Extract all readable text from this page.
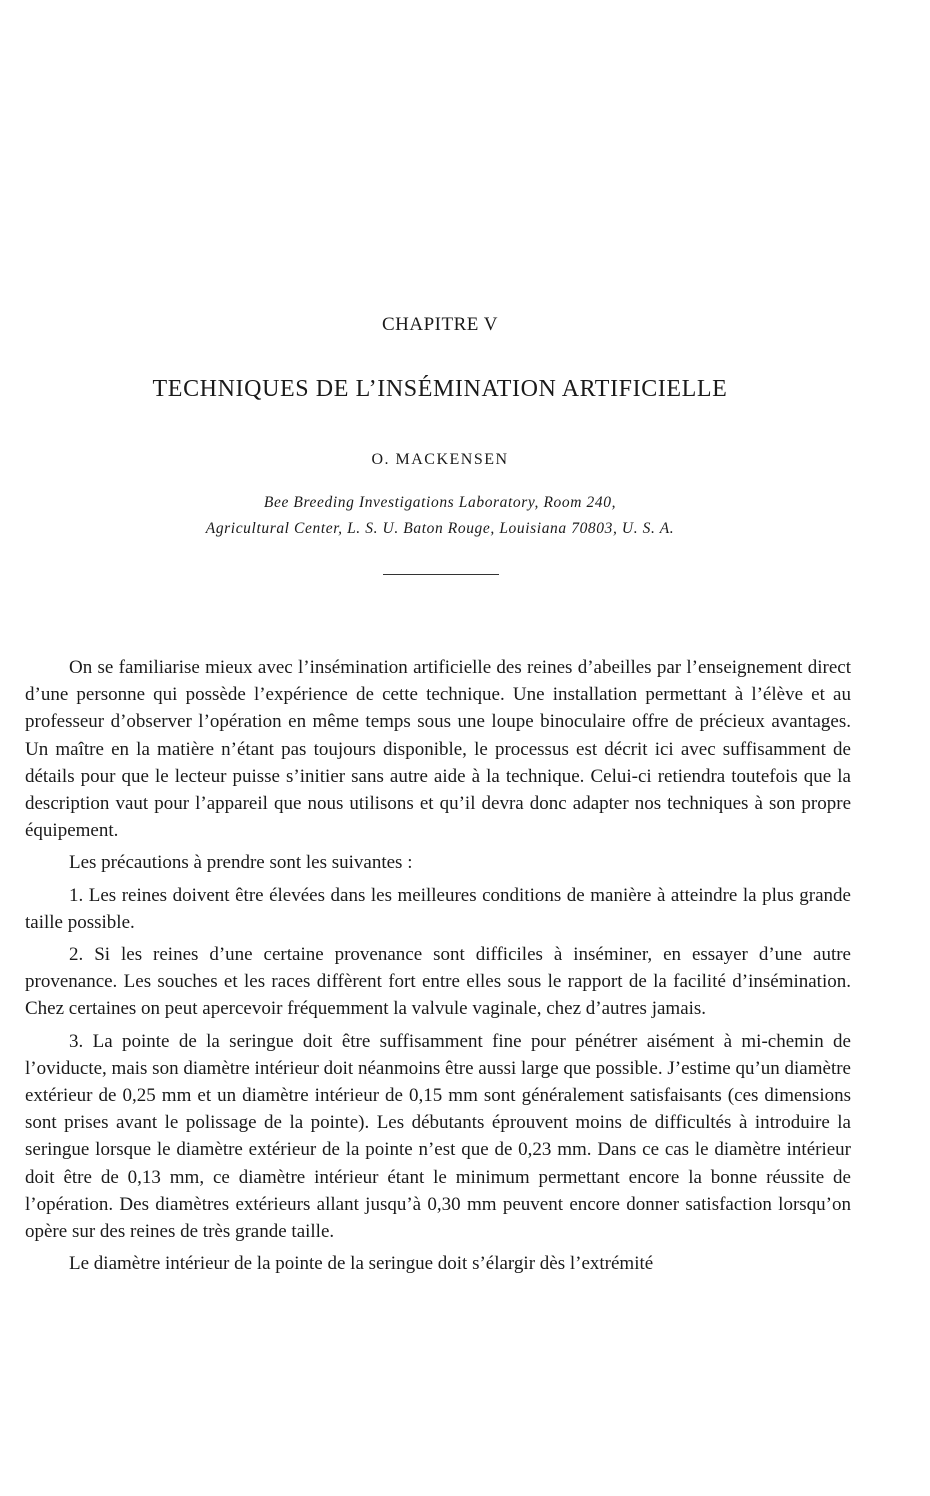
CHAPITRE V
TECHNIQUES DE L’INSÉMINATION ARTIFICIELLE
O. MACKENSEN
Bee Breeding Investigations Laboratory, Room 240,
Agricultural Center, L. S. U. Baton Rouge, Louisiana 70803, U. S. A.

On se familiarise mieux avec l’insémination artificielle des reines d’abeilles par l’enseignement direct d’une personne qui possède l’expérience de cette technique. Une installation permettant à l’élève et au professeur d’observer l’opération en même temps sous une loupe binoculaire offre de précieux avantages. Un maître en la matière n’étant pas toujours disponible, le processus est décrit ici avec suffisamment de détails pour que le lecteur puisse s’initier sans autre aide à la technique. Celui-ci retiendra toutefois que la description vaut pour l’appareil que nous utilisons et qu’il devra donc adapter nos techniques à son propre équipement.

Les précautions à prendre sont les suivantes :

1. Les reines doivent être élevées dans les meilleures conditions de manière à atteindre la plus grande taille possible.

2. Si les reines d’une certaine provenance sont difficiles à inséminer, en essayer d’une autre provenance. Les souches et les races diffèrent fort entre elles sous le rapport de la facilité d’insémination. Chez certaines on peut apercevoir fréquemment la valvule vaginale, chez d’autres jamais.

3. La pointe de la seringue doit être suffisamment fine pour pénétrer aisément à mi-chemin de l’oviducte, mais son diamètre intérieur doit néanmoins être aussi large que possible. J’estime qu’un diamètre extérieur de 0,25 mm et un diamètre intérieur de 0,15 mm sont généralement satisfaisants (ces dimensions sont prises avant le polissage de la pointe). Les débutants éprouvent moins de difficultés à introduire la seringue lorsque le diamètre extérieur de la pointe n’est que de 0,23 mm. Dans ce cas le diamètre intérieur doit être de 0,13 mm, ce diamètre intérieur étant le minimum permettant encore la bonne réussite de l’opération. Des diamètres extérieurs allant jusqu’à 0,30 mm peuvent encore donner satisfaction lorsqu’on opère sur des reines de très grande taille.

Le diamètre intérieur de la pointe de la seringue doit s’élargir dès l’extrémité
